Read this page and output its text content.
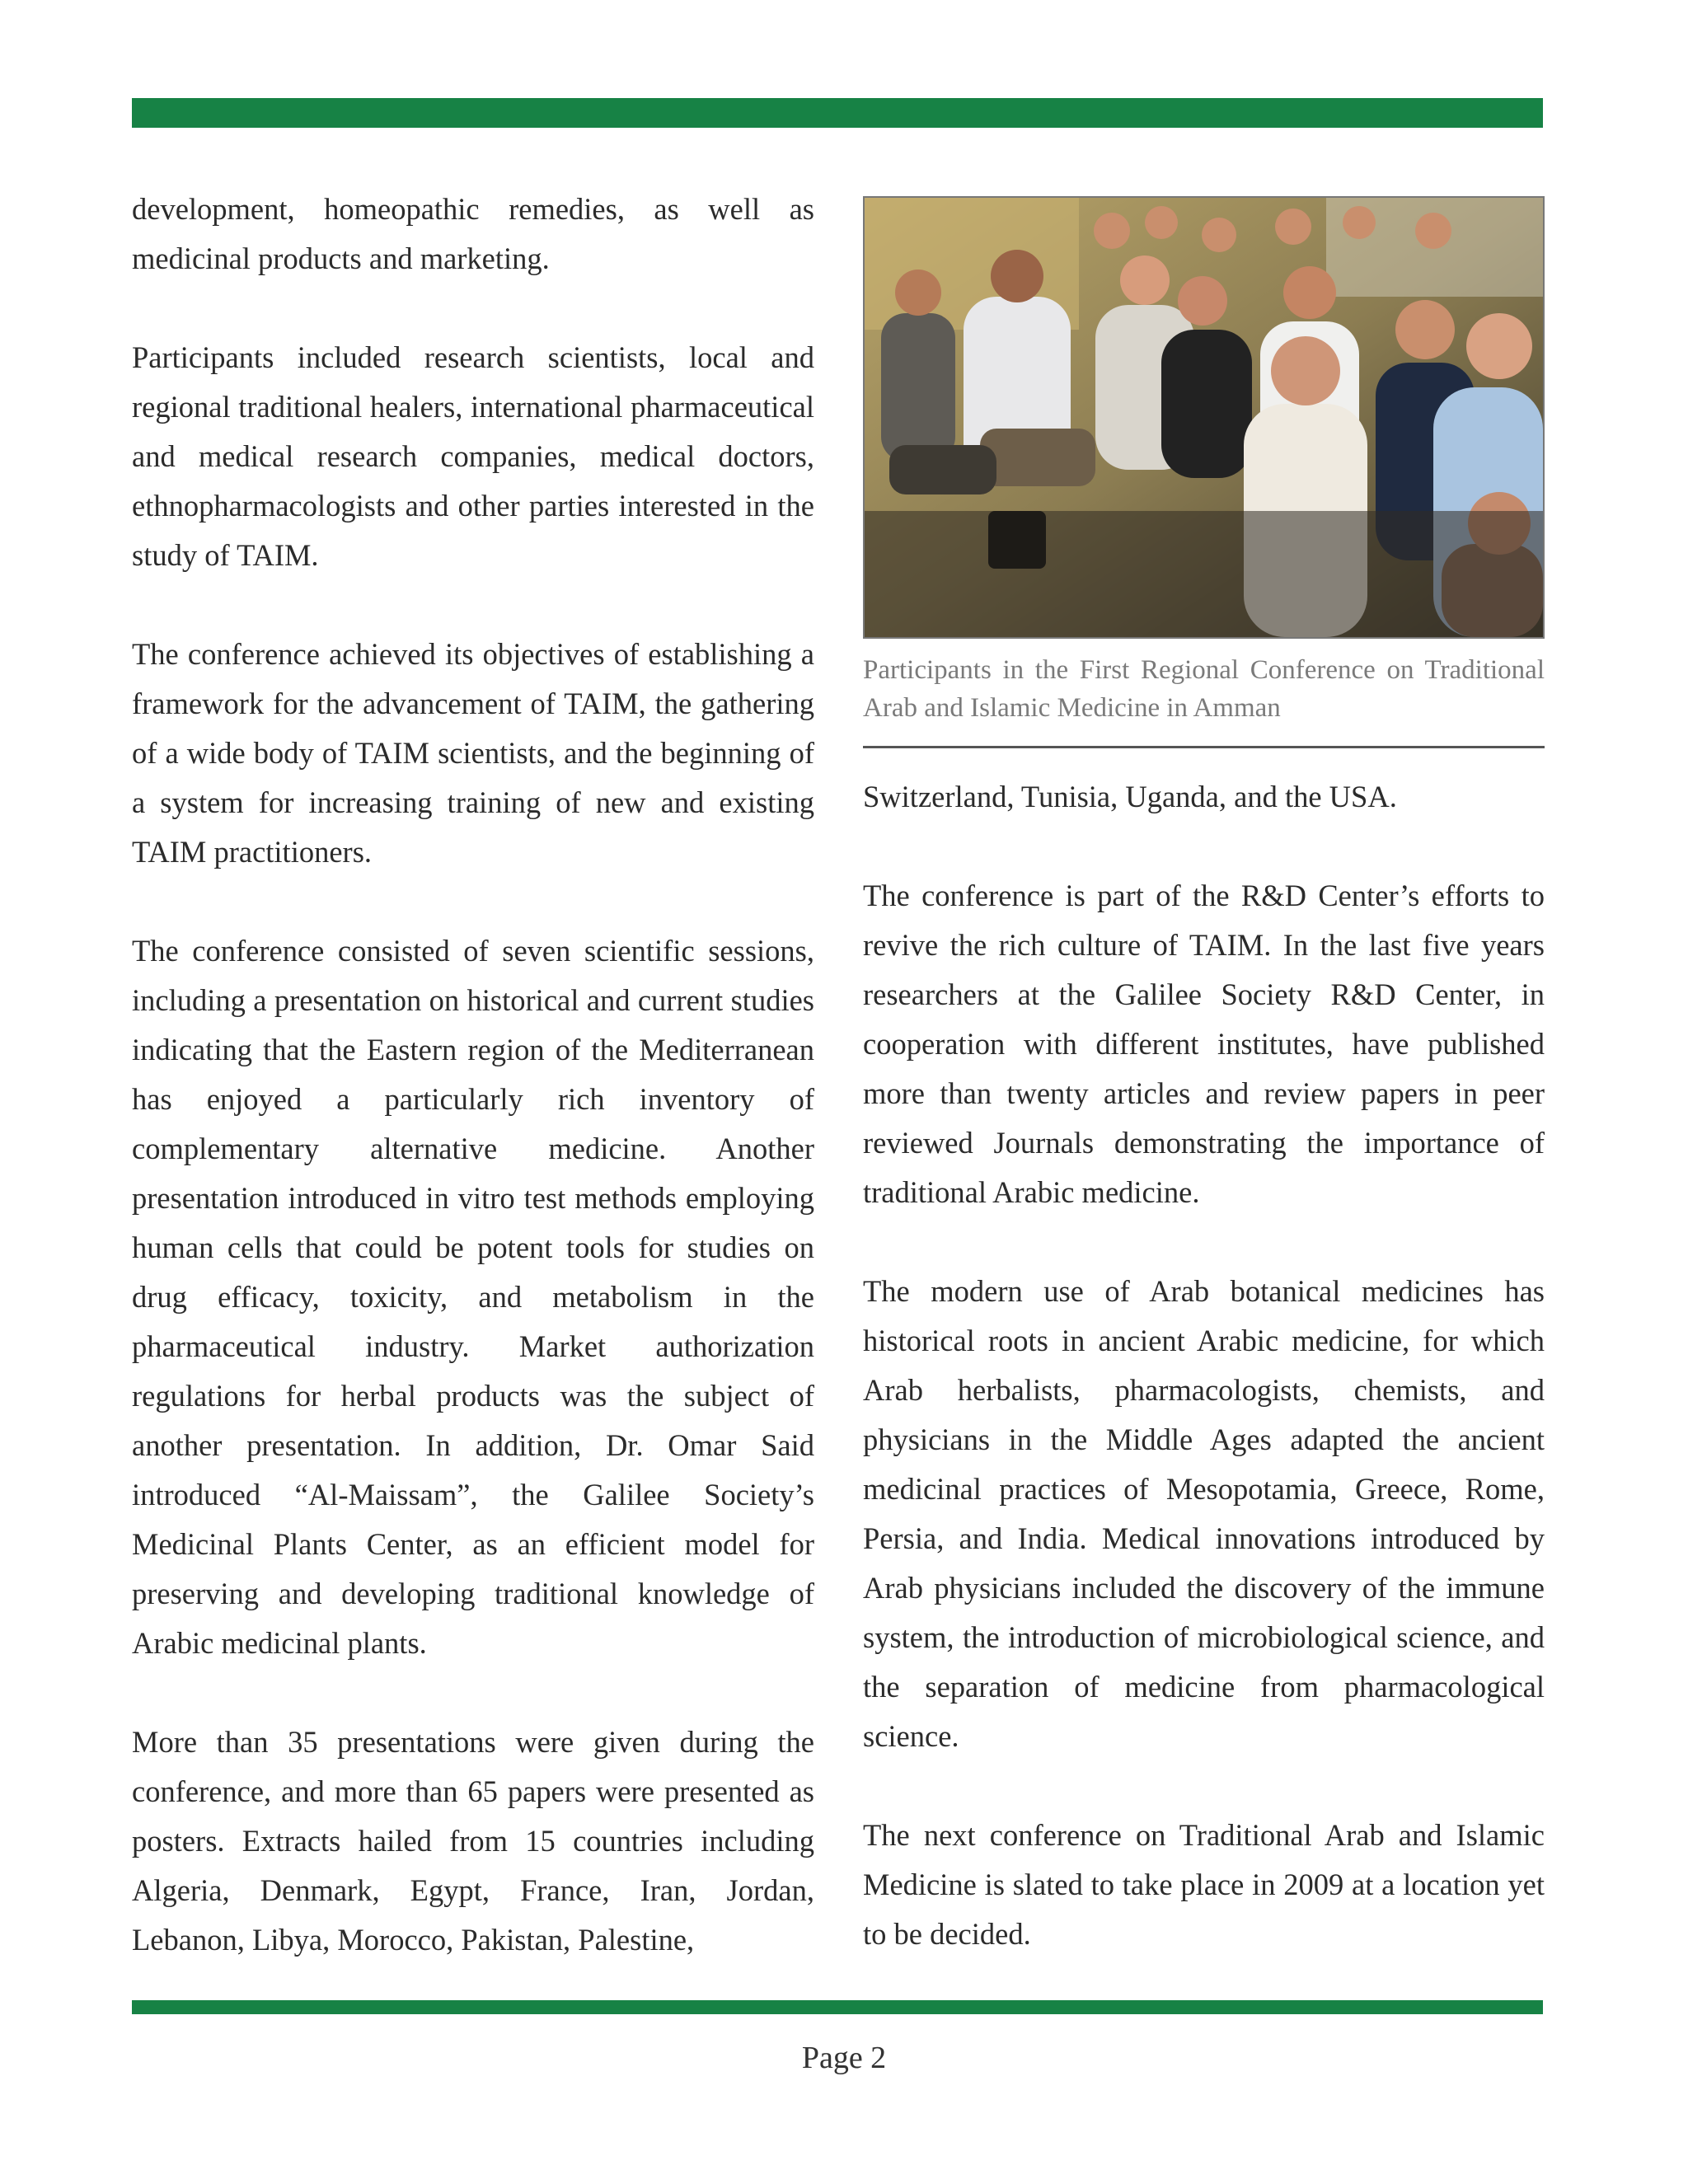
development, homeopathic remedies, as well as medicinal products and marketing.

Participants included research scientists, local and regional traditional healers, international pharmaceutical and medical research companies, medical doctors, ethnopharmacologists and other parties interested in the study of TAIM.

The conference achieved its objectives of establishing a framework for the advancement of TAIM, the gathering of a wide body of TAIM scientists, and the beginning of a system for increasing training of new and existing TAIM practitioners.

The conference consisted of seven scientific sessions, including a presentation on historical and current studies indicating that the Eastern region of the Mediterranean has enjoyed a particularly rich inventory of complementary alternative medicine. Another presentation introduced in vitro test methods employing human cells that could be potent tools for studies on drug efficacy, toxicity, and metabolism in the pharmaceutical industry. Market authorization regulations for herbal products was the subject of another presentation. In addition, Dr. Omar Said introduced “Al-Maissam”, the Galilee Society’s Medicinal Plants Center, as an efficient model for preserving and developing traditional knowledge of Arabic medicinal plants.

More than 35 presentations were given during the conference, and more than 65 papers were presented as posters. Extracts hailed from 15 countries including Algeria, Denmark, Egypt, France, Iran, Jordan, Lebanon, Libya, Morocco, Pakistan, Palestine,

Participants in the First Regional Conference on Traditional Arab and Islamic Medicine in Amman

Switzerland, Tunisia, Uganda, and the USA.

The conference is part of the R&D Center’s efforts to revive the rich culture of TAIM. In the last five years researchers at the Galilee Society R&D Center, in cooperation with different institutes, have published more than twenty articles and review papers in peer reviewed Journals demonstrating the importance of traditional Arabic medicine.

The modern use of Arab botanical medicines has historical roots in ancient Arabic medicine, for which Arab herbalists, pharmacologists, chemists, and physicians in the Middle Ages adapted the ancient medicinal practices of Mesopotamia, Greece, Rome, Persia, and India. Medical innovations introduced by Arab physicians included the discovery of the immune system, the introduction of microbiological science, and the separation of medicine from pharmacological science.

The next conference on Traditional Arab and Islamic Medicine is slated to take place in 2009 at a location yet to be decided.

Page 2
